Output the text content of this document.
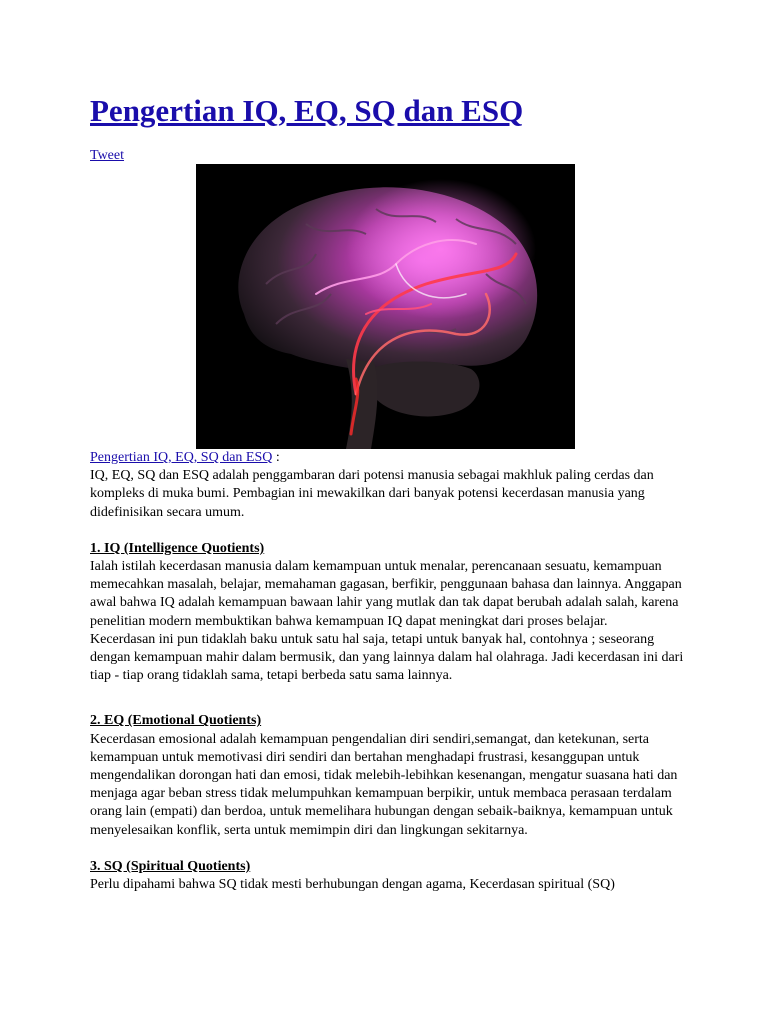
Pengertian IQ, EQ, SQ dan ESQ
Tweet

Pengertian IQ, EQ, SQ dan ESQ :

IQ, EQ, SQ dan ESQ adalah penggambaran dari potensi manusia sebagai makhluk paling cerdas dan kompleks di muka bumi. Pembagian ini mewakilkan dari banyak potensi kecerdasan manusia yang didefinisikan secara umum.

1. IQ (Intelligence Quotients)

Ialah istilah kecerdasan manusia dalam kemampuan untuk menalar, perencanaan sesuatu, kemampuan memecahkan masalah, belajar, memahaman gagasan, berfikir, penggunaan bahasa dan lainnya. Anggapan awal bahwa IQ adalah kemampuan bawaan lahir yang mutlak dan tak dapat berubah adalah salah, karena penelitian modern membuktikan bahwa kemampuan IQ dapat meningkat dari proses belajar.

Kecerdasan ini pun tidaklah baku untuk satu hal saja, tetapi untuk banyak hal, contohnya ; seseorang dengan kemampuan mahir dalam bermusik, dan yang lainnya dalam hal olahraga. Jadi kecerdasan ini dari tiap - tiap orang tidaklah sama, tetapi berbeda satu sama lainnya.

2. EQ (Emotional Quotients)

Kecerdasan emosional adalah kemampuan pengendalian diri sendiri,semangat, dan ketekunan, serta kemampuan untuk memotivasi diri sendiri dan bertahan menghadapi frustrasi, kesanggupan untuk mengendalikan dorongan hati dan emosi, tidak melebih-lebihkan kesenangan, mengatur suasana hati dan menjaga agar beban stress tidak melumpuhkan kemampuan berpikir, untuk membaca perasaan terdalam orang lain (empati) dan berdoa, untuk memelihara hubungan dengan sebaik-baiknya, kemampuan untuk menyelesaikan konflik, serta untuk memimpin diri dan lingkungan sekitarnya.

3. SQ (Spiritual Quotients)

Perlu dipahami bahwa SQ tidak mesti berhubungan dengan agama, Kecerdasan spiritual (SQ)
